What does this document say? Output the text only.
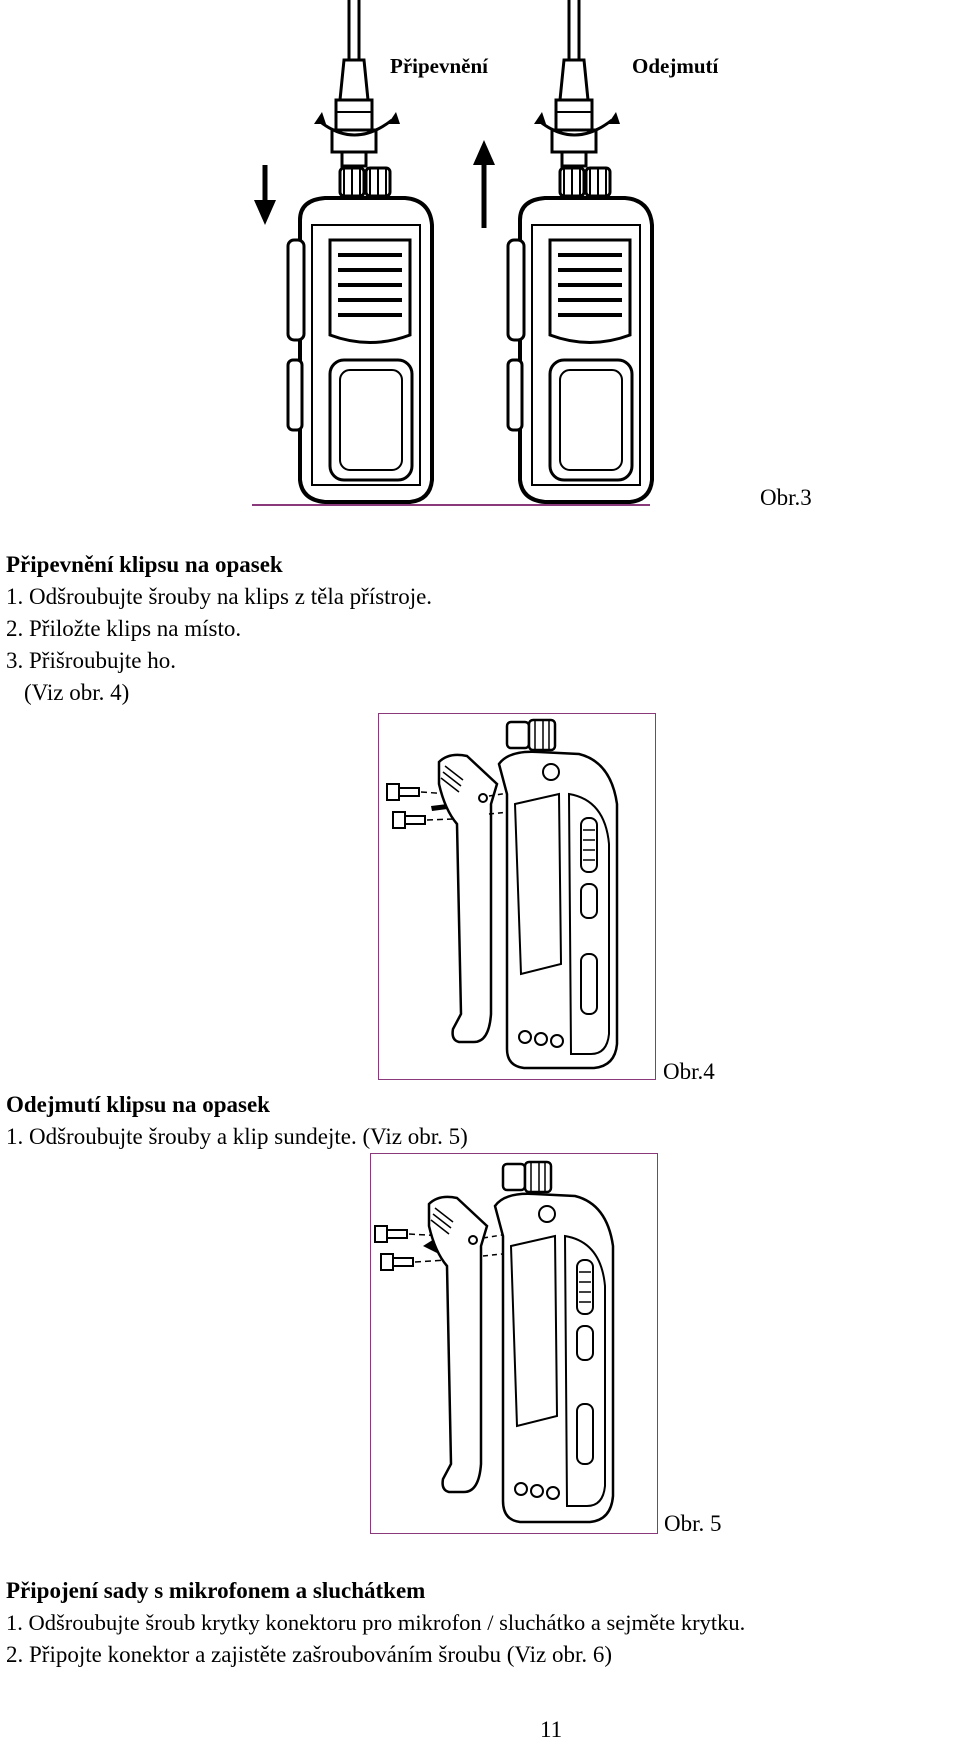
Připevnění	Odejmutí
Obr.3
Připevnění klipsu na opasek
1. Odšroubujte šrouby na klips z těla přístroje.
2. Přiložte klips na místo.
3. Přišroubujte ho.
(Viz obr. 4)
Obr.4
Odejmutí klipsu na opasek
1. Odšroubujte šrouby a klip sundejte. (Viz obr. 5)
Obr. 5
Připojení sady s mikrofonem a sluchátkem
1. Odšroubujte šroub krytky konektoru pro mikrofon / sluchátko a sejměte krytku.
2. Připojte konektor a zajistěte zašroubováním šroubu (Viz obr. 6)
11
